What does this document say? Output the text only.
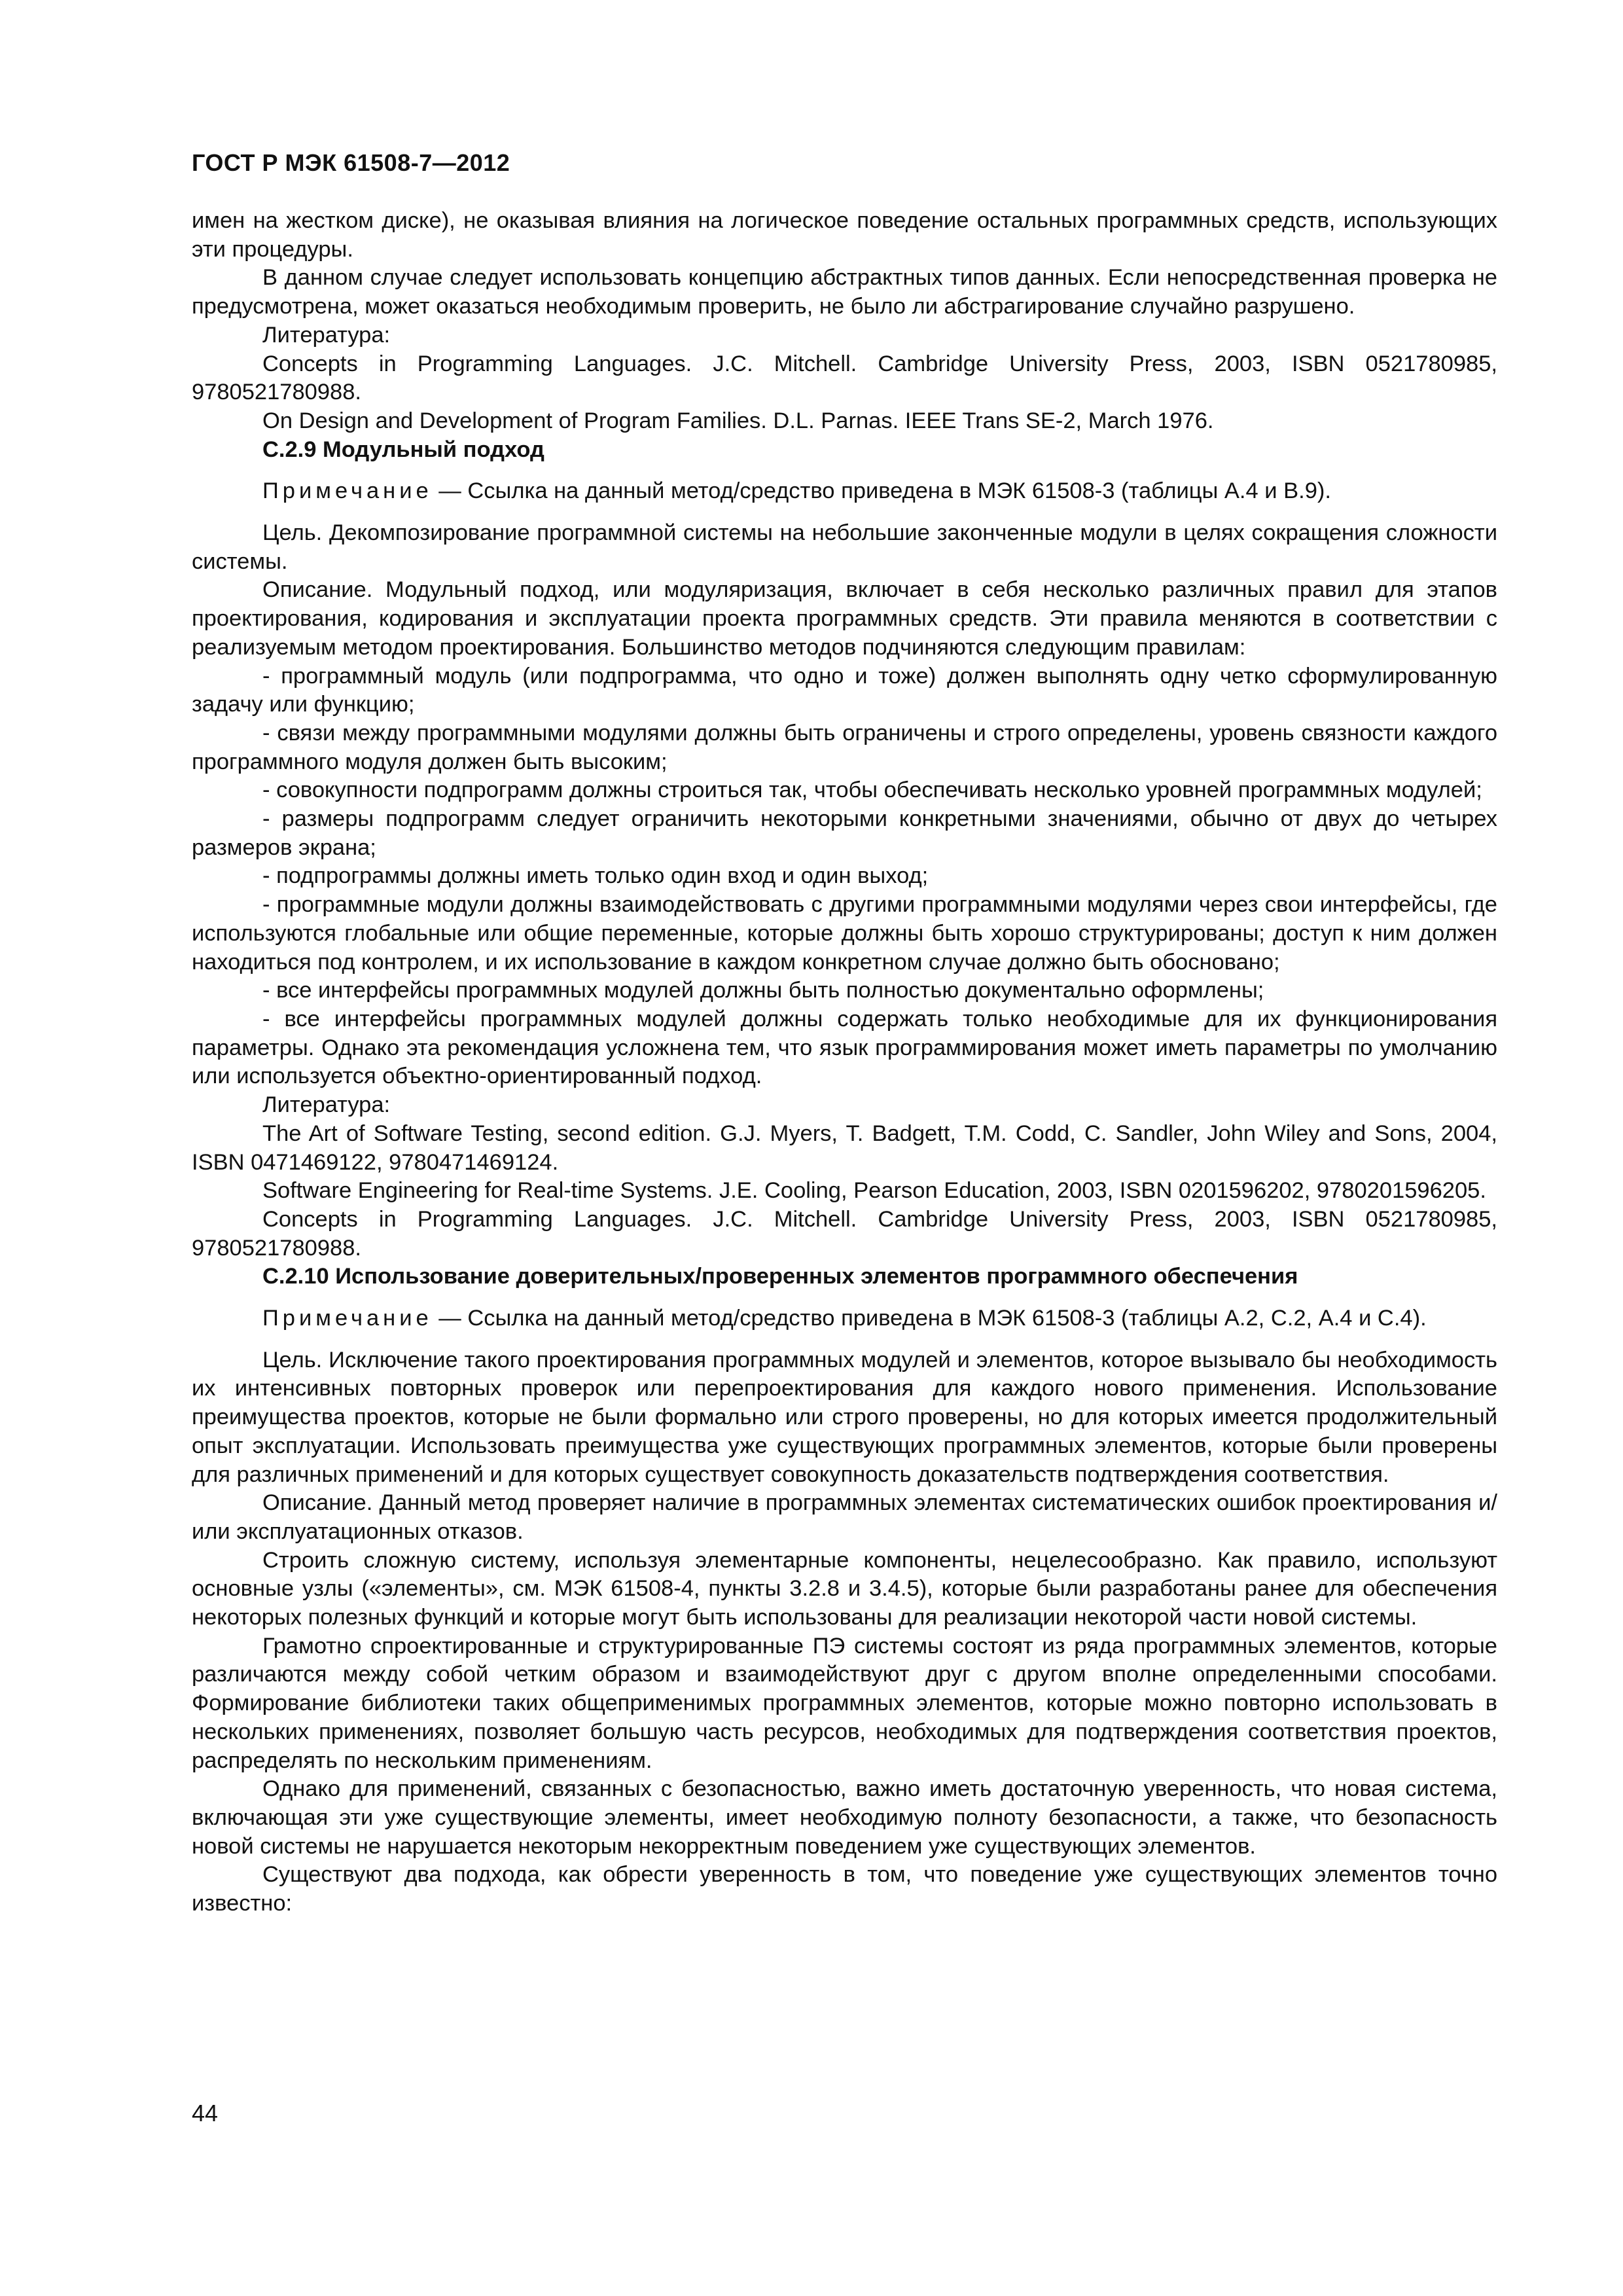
ГОСТ Р МЭК 61508-7—2012

имен на жестком диске), не оказывая влияния на логическое поведение остальных программных средств, использующих эти процедуры.

В данном случае следует использовать концепцию абстрактных типов данных. Если непосредственная проверка не предусмотрена, может оказаться необходимым проверить, не было ли абстрагирование случайно разрушено.

Литература:

Concepts in Programming Languages. J.C. Mitchell. Cambridge University Press, 2003, ISBN 0521780985, 9780521780988.

On Design and Development of Program Families. D.L. Parnas. IEEE Trans SE-2, March 1976.

С.2.9 Модульный подход

Примечание — Ссылка на данный метод/средство приведена в МЭК 61508-3 (таблицы А.4 и В.9).

Цель. Декомпозирование программной системы на небольшие законченные модули в целях сокращения сложности системы.

Описание. Модульный подход, или модуляризация, включает в себя несколько различных правил для этапов проектирования, кодирования и эксплуатации проекта программных средств. Эти правила меняются в соответствии с реализуемым методом проектирования. Большинство методов подчиняются следующим правилам:

- программный модуль (или подпрограмма, что одно и тоже) должен выполнять одну четко сформулированную задачу или функцию;

- связи между программными модулями должны быть ограничены и строго определены, уровень связности каждого программного модуля должен быть высоким;

- совокупности подпрограмм должны строиться так, чтобы обеспечивать несколько уровней программных модулей;

- размеры подпрограмм следует ограничить некоторыми конкретными значениями, обычно от двух до четырех размеров экрана;

- подпрограммы должны иметь только один вход и один выход;

- программные модули должны взаимодействовать с другими программными модулями через свои интерфейсы, где используются глобальные или общие переменные, которые должны быть хорошо структурированы; доступ к ним должен находиться под контролем, и их использование в каждом конкретном случае должно быть обосновано;

- все интерфейсы программных модулей должны быть полностью документально оформлены;

- все интерфейсы программных модулей должны содержать только необходимые для их функционирования параметры. Однако эта рекомендация усложнена тем, что язык программирования может иметь параметры по умолчанию или используется объектно-ориентированный подход.

Литература:

The Art of Software Testing, second edition. G.J. Myers, T. Badgett, T.M. Codd, C. Sandler, John Wiley and Sons, 2004, ISBN 0471469122, 9780471469124.

Software Engineering for Real-time Systems. J.E. Cooling, Pearson Education, 2003, ISBN 0201596202, 9780201596205.

Concepts in Programming Languages. J.C. Mitchell. Cambridge University Press, 2003, ISBN 0521780985, 9780521780988.

С.2.10 Использование доверительных/проверенных элементов программного обеспечения

Примечание — Ссылка на данный метод/средство приведена в МЭК 61508-3 (таблицы А.2, С.2, А.4 и С.4).

Цель. Исключение такого проектирования программных модулей и элементов, которое вызывало бы необходимость их интенсивных повторных проверок или перепроектирования для каждого нового применения. Использование преимущества проектов, которые не были формально или строго проверены, но для которых имеется продолжительный опыт эксплуатации. Использовать преимущества уже существующих программных элементов, которые были проверены для различных применений и для которых существует совокупность доказательств подтверждения соответствия.

Описание. Данный метод проверяет наличие в программных элементах систематических ошибок проектирования и/или эксплуатационных отказов.

Строить сложную систему, используя элементарные компоненты, нецелесообразно. Как правило, используют основные узлы («элементы», см. МЭК 61508-4, пункты 3.2.8 и 3.4.5), которые были разработаны ранее для обеспечения некоторых полезных функций и которые могут быть использованы для реализации некоторой части новой системы.

Грамотно спроектированные и структурированные ПЭ системы состоят из ряда программных элементов, которые различаются между собой четким образом и взаимодействуют друг с другом вполне определенными способами. Формирование библиотеки таких общеприменимых программных элементов, которые можно повторно использовать в нескольких применениях, позволяет большую часть ресурсов, необходимых для подтверждения соответствия проектов, распределять по нескольким применениям.

Однако для применений, связанных с безопасностью, важно иметь достаточную уверенность, что новая система, включающая эти уже существующие элементы, имеет необходимую полноту безопасности, а также, что безопасность новой системы не нарушается некоторым некорректным поведением уже существующих элементов.

Существуют два подхода, как обрести уверенность в том, что поведение уже существующих элементов точно известно:

44
